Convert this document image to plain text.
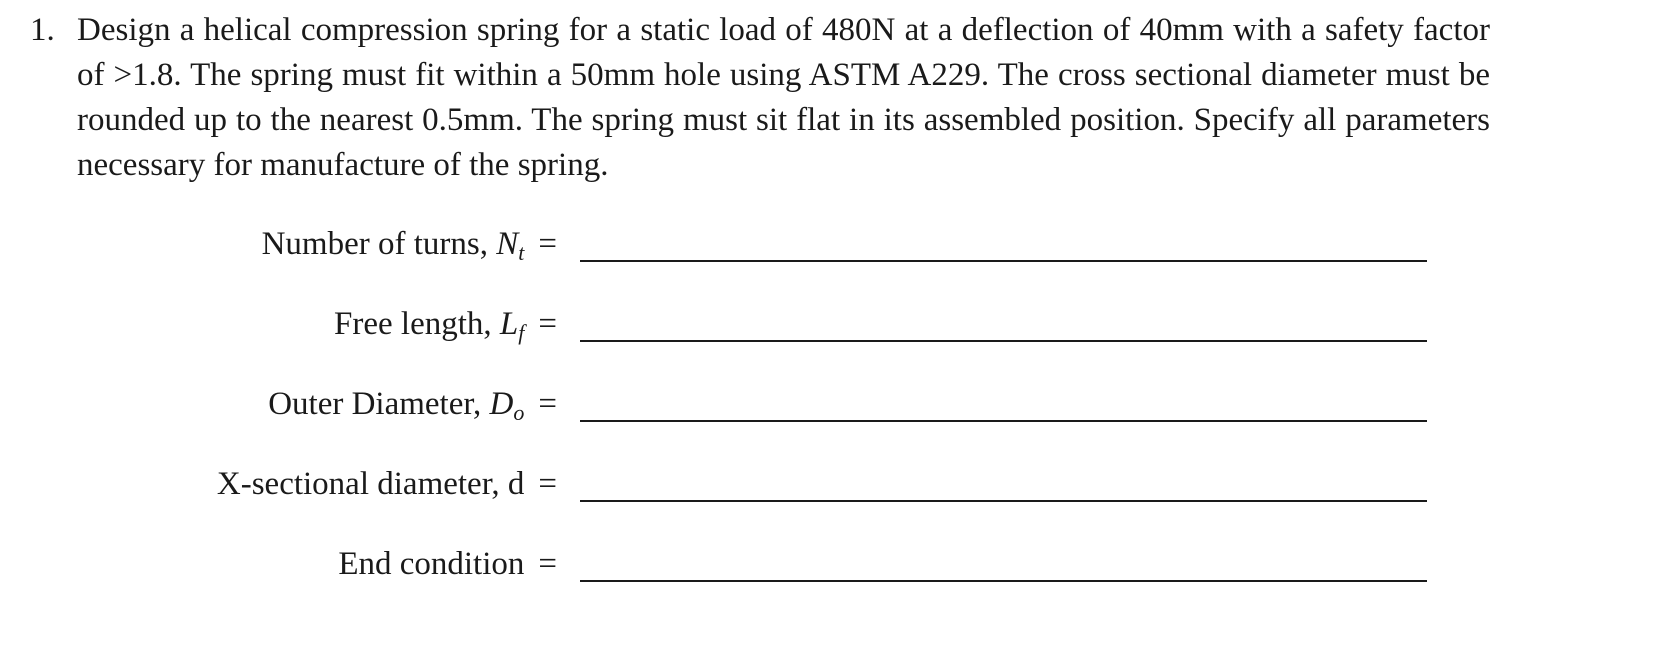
1. Design a helical compression spring for a static load of 480N at a deflection of 40mm with a safety factor of >1.8. The spring must fit within a 50mm hole using ASTM A229. The cross sectional diameter must be rounded up to the nearest 0.5mm. The spring must sit flat in its assembled position. Specify all parameters necessary for manufacture of the spring.
Number of turns, $N_t$ =
Free length, $L_f$ =
Outer Diameter, $D_o$ =
X-sectional diameter, d =
End condition =
